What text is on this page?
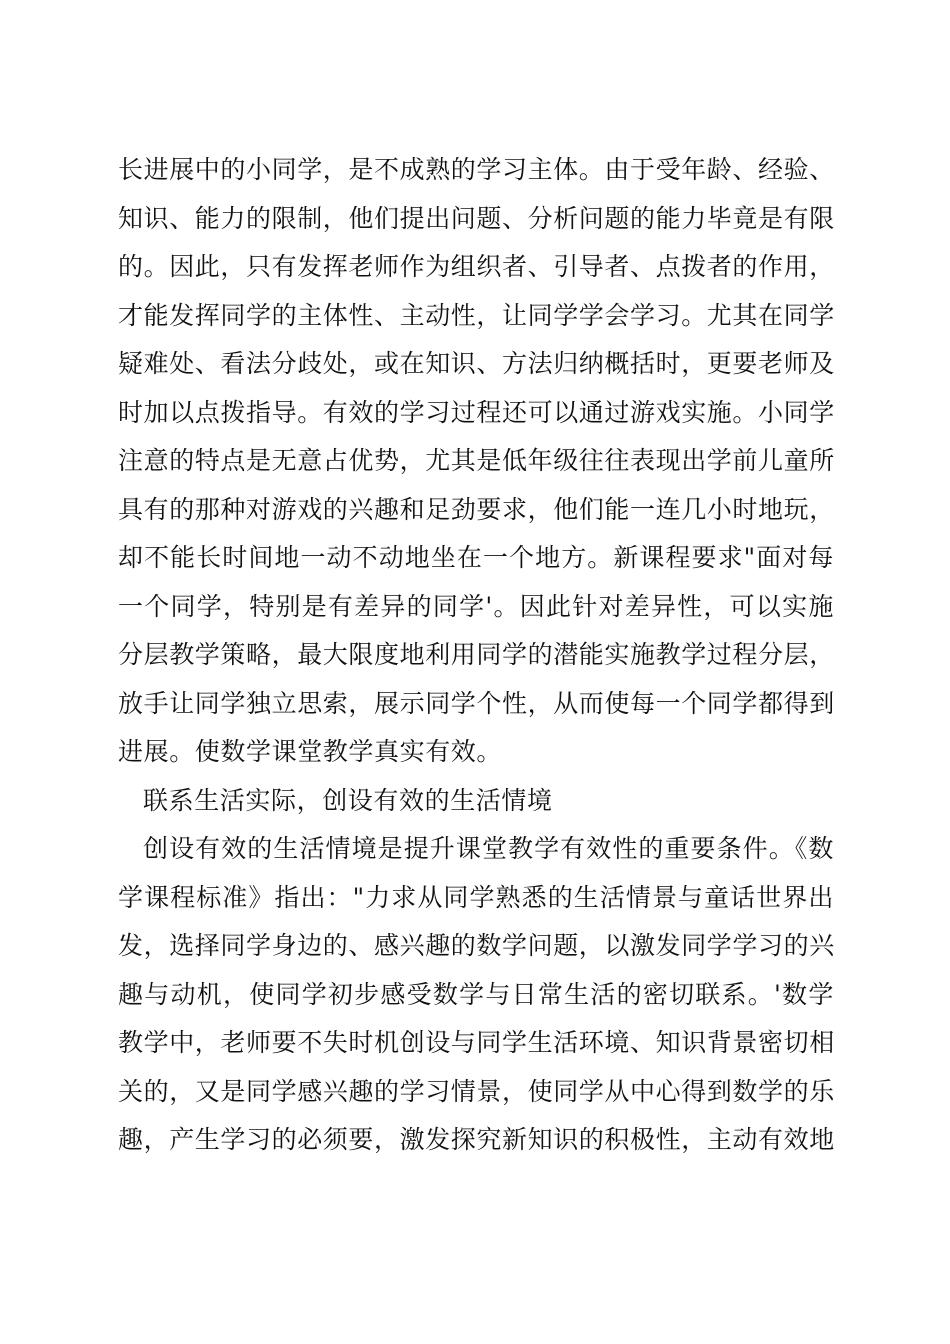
长进展中的小同学，是不成熟的学习主体。由于受年龄、经验、
知识、能力的限制，他们提出问题、分析问题的能力毕竟是有限
的。因此，只有发挥老师作为组织者、引导者、点拨者的作用，
才能发挥同学的主体性、主动性，让同学学会学习。尤其在同学
疑难处、看法分歧处，或在知识、方法归纳概括时，更要老师及
时加以点拨指导。有效的学习过程还可以通过游戏实施。小同学
注意的特点是无意占优势，尤其是低年级往往表现出学前儿童所
具有的那种对游戏的兴趣和足劲要求，他们能一连几小时地玩，
却不能长时间地一动不动地坐在一个地方。新课程要求"面对每
一个同学，特别是有差异的同学'。因此针对差异性，可以实施
分层教学策略，最大限度地利用同学的潜能实施教学过程分层，
放手让同学独立思索，展示同学个性，从而使每一个同学都得到
进展。使数学课堂教学真实有效。
联系生活实际，创设有效的生活情境
创设有效的生活情境是提升课堂教学有效性的重要条件。《数
学课程标准》指出："力求从同学熟悉的生活情景与童话世界出
发，选择同学身边的、感兴趣的数学问题，以激发同学学习的兴
趣与动机，使同学初步感受数学与日常生活的密切联系。'数学
教学中，老师要不失时机创设与同学生活环境、知识背景密切相
关的，又是同学感兴趣的学习情景，使同学从中心得到数学的乐
趣，产生学习的必须要，激发探究新知识的积极性，主动有效地
